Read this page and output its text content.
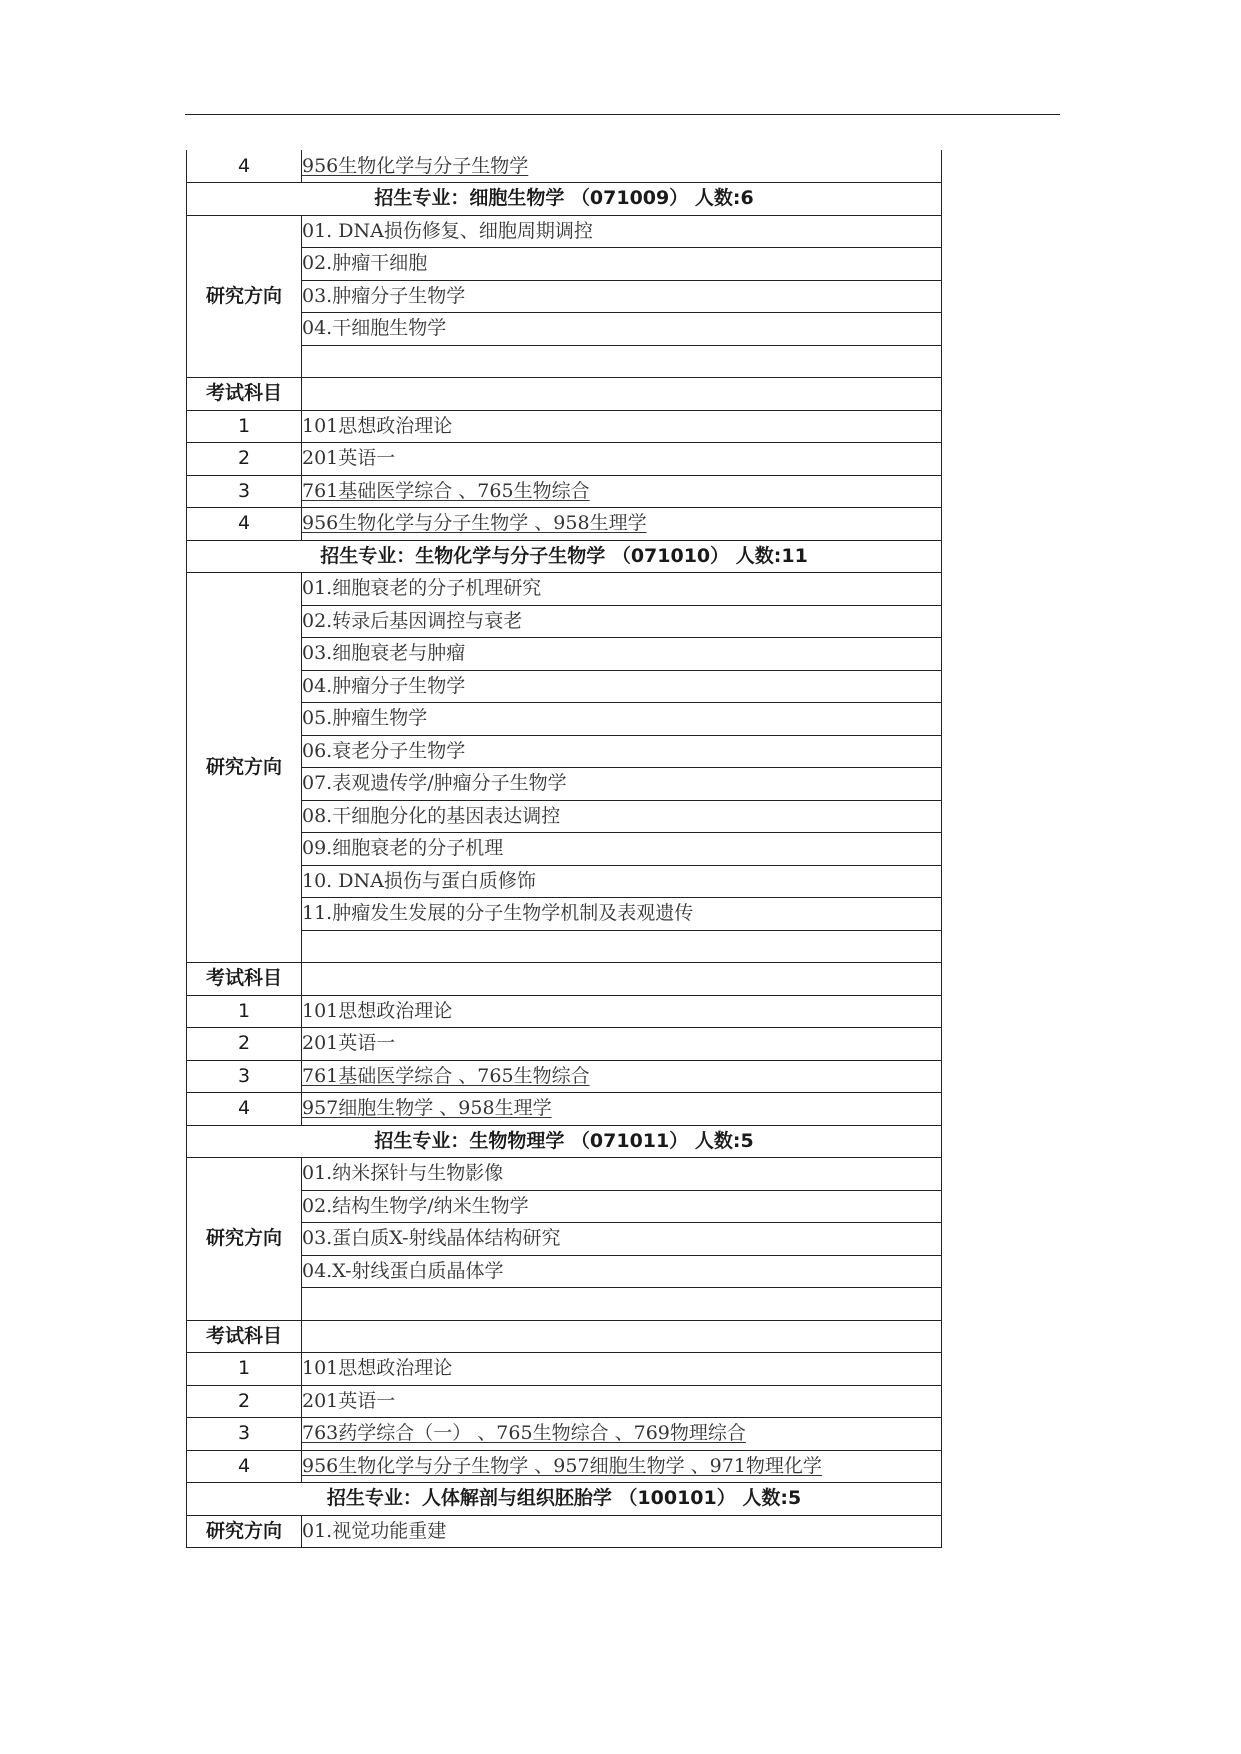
4	956生物化学与分子生物学
招生专业：细胞生物学 （071009） 人数:6	
研究方向	01. DNA损伤修复、细胞周期调控
	02.肿瘤干细胞
	03.肿瘤分子生物学
	04.干细胞生物学

考试科目	
1	101思想政治理论
2	201英语一
3	761基础医学综合 、765生物综合
4	956生物化学与分子生物学 、958生理学
招生专业：生物化学与分子生物学 （071010） 人数:11	
研究方向	01.细胞衰老的分子机理研究
	02.转录后基因调控与衰老
	03.细胞衰老与肿瘤
	04.肿瘤分子生物学
	05.肿瘤生物学
	06.衰老分子生物学
	07.表观遗传学/肿瘤分子生物学
	08.干细胞分化的基因表达调控
	09.细胞衰老的分子机理
	10. DNA损伤与蛋白质修饰
	11.肿瘤发生发展的分子生物学机制及表观遗传

考试科目	
1	101思想政治理论
2	201英语一
3	761基础医学综合 、765生物综合
4	957细胞生物学 、958生理学
招生专业：生物物理学 （071011） 人数:5	
研究方向	01.纳米探针与生物影像
	02.结构生物学/纳米生物学
	03.蛋白质X-射线晶体结构研究
	04.X-射线蛋白质晶体学

考试科目	
1	101思想政治理论
2	201英语一
3	763药学综合（一） 、765生物综合 、769物理综合
4	956生物化学与分子生物学 、957细胞生物学 、971物理化学
招生专业：人体解剖与组织胚胎学 （100101） 人数:5	
研究方向	01.视觉功能重建
